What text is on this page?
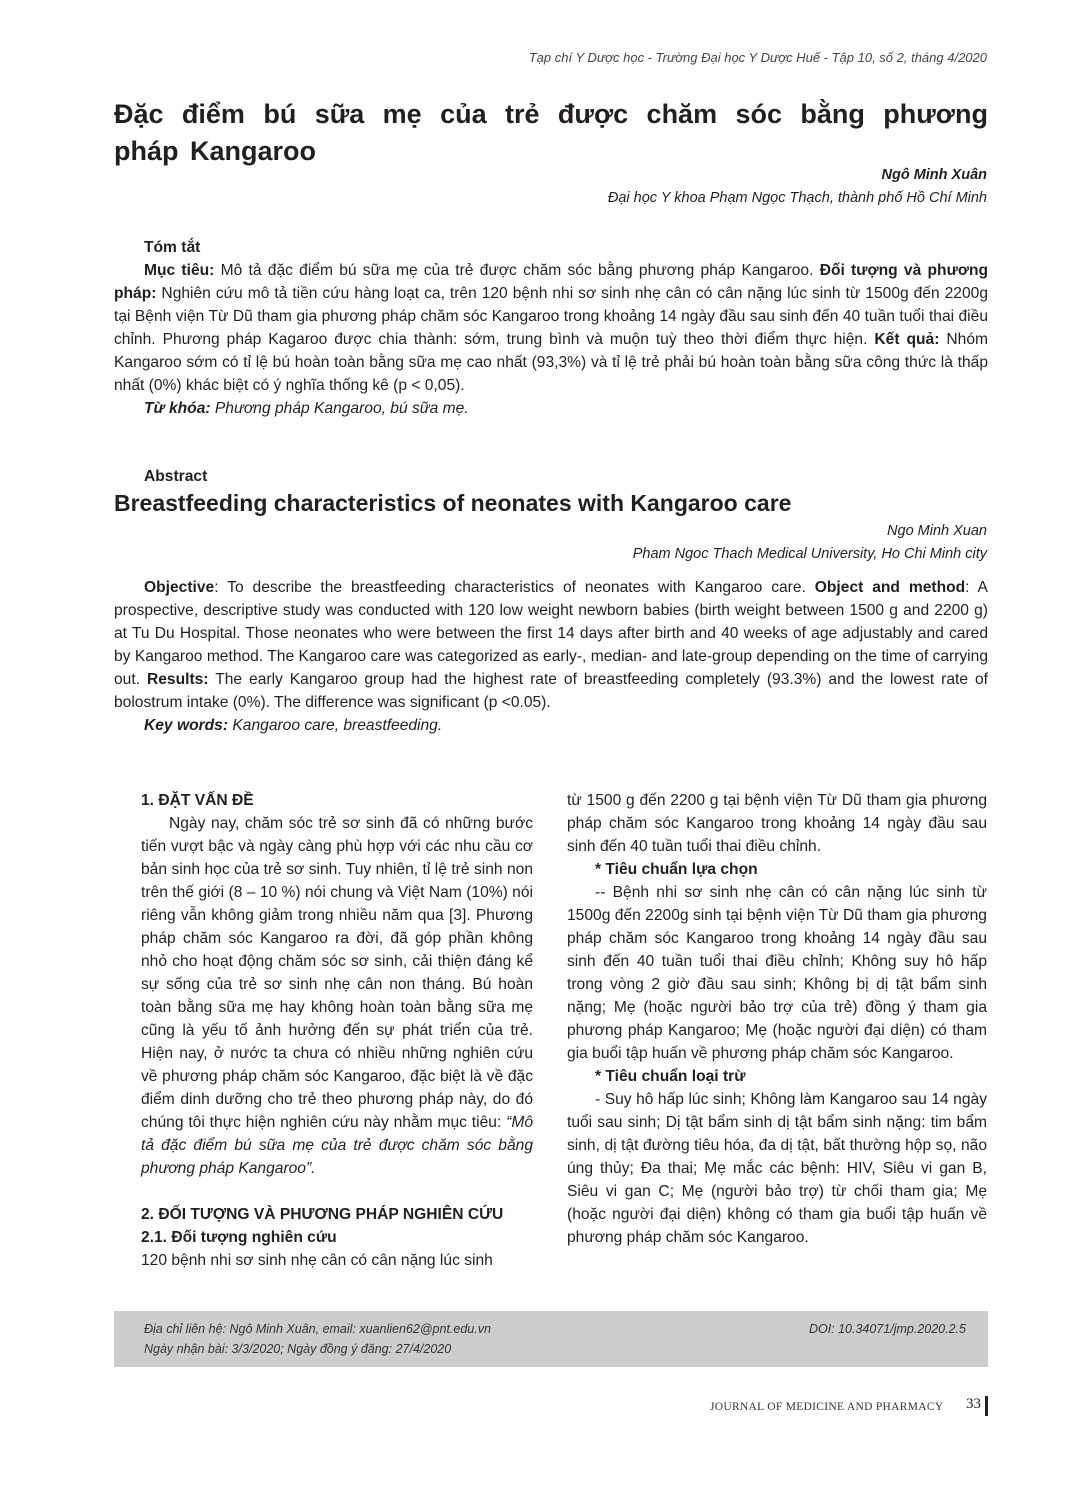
Tạp chí Y Dược học - Trường Đại học Y Dược Huế - Tập 10, số 2, tháng 4/2020
Đặc điểm bú sữa mẹ của trẻ được chăm sóc bằng phương pháp Kangaroo
Ngô Minh Xuân
Đại học Y khoa Phạm Ngọc Thạch, thành phố Hồ Chí Minh

Tóm tắt

Mục tiêu: Mô tả đặc điểm bú sữa mẹ của trẻ được chăm sóc bằng phương pháp Kangaroo. Đối tượng và phương pháp: Nghiên cứu mô tả tiền cứu hàng loạt ca, trên 120 bệnh nhi sơ sinh nhẹ cân có cân nặng lúc sinh từ 1500g đến 2200g tại Bệnh viện Từ Dũ tham gia phương pháp chăm sóc Kangaroo trong khoảng 14 ngày đầu sau sinh đến 40 tuần tuổi thai điều chỉnh. Phương pháp Kagaroo được chia thành: sớm, trung bình và muộn tuỳ theo thời điểm thực hiện. Kết quả: Nhóm Kangaroo sớm có tỉ lệ bú hoàn toàn bằng sữa mẹ cao nhất (93,3%) và tỉ lệ trẻ phải bú hoàn toàn bằng sữa công thức là thấp nhất (0%) khác biệt có ý nghĩa thống kê (p < 0,05).

Từ khóa: Phương pháp Kangaroo, bú sữa mẹ.

Abstract

Breastfeeding characteristics of neonates with Kangaroo care
Ngo Minh Xuan
Pham Ngoc Thach Medical University, Ho Chi Minh city

Objective: To describe the breastfeeding characteristics of neonates with Kangaroo care. Object and method: A prospective, descriptive study was conducted with 120 low weight newborn babies (birth weight between 1500 g and 2200 g) at Tu Du Hospital. Those neonates who were between the first 14 days after birth and 40 weeks of age adjustably and cared by Kangaroo method. The Kangaroo care was categorized as early-, median- and late-group depending on the time of carrying out. Results: The early Kangaroo group had the highest rate of breastfeeding completely (93.3%) and the lowest rate of bolostrum intake (0%). The difference was significant (p <0.05).

Key words: Kangaroo care, breastfeeding.

1. ĐẶT VẤN ĐỀ

Ngày nay, chăm sóc trẻ sơ sinh đã có những bước tiến vượt bậc và ngày càng phù hợp với các nhu cầu cơ bản sinh học của trẻ sơ sinh. Tuy nhiên, tỉ lệ trẻ sinh non trên thế giới (8 – 10 %) nói chung và Việt Nam (10%) nói riêng vẫn không giảm trong nhiều năm qua [3]. Phương pháp chăm sóc Kangaroo ra đời, đã góp phần không nhỏ cho hoạt động chăm sóc sơ sinh, cải thiện đáng kể sự sống của trẻ sơ sinh nhẹ cân non tháng. Bú hoàn toàn bằng sữa mẹ hay không hoàn toàn bằng sữa mẹ cũng là yếu tố ảnh hưởng đến sự phát triển của trẻ. Hiện nay, ở nước ta chưa có nhiều những nghiên cứu về phương pháp chăm sóc Kangaroo, đặc biệt là về đặc điểm dinh dưỡng cho trẻ theo phương pháp này, do đó chúng tôi thực hiện nghiên cứu này nhằm mục tiêu: “Mô tả đặc điểm bú sữa mẹ của trẻ được chăm sóc bằng phương pháp Kangaroo”.

2. ĐỐI TƯỢNG VÀ PHƯƠNG PHÁP NGHIÊN CỨU

2.1. Đối tượng nghiên cứu

120 bệnh nhi sơ sinh nhẹ cân có cân nặng lúc sinh

từ 1500 g đến 2200 g tại bệnh viện Từ Dũ tham gia phương pháp chăm sóc Kangaroo trong khoảng 14 ngày đầu sau sinh đến 40 tuần tuổi thai điều chỉnh.

* Tiêu chuẩn lựa chọn

-- Bệnh nhi sơ sinh nhẹ cân có cân nặng lúc sinh từ 1500g đến 2200g sinh tại bệnh viện Từ Dũ tham gia phương pháp chăm sóc Kangaroo trong khoảng 14 ngày đầu sau sinh đến 40 tuần tuổi thai điều chỉnh; Không suy hô hấp trong vòng 2 giờ đầu sau sinh; Không bị dị tật bẩm sinh nặng; Mẹ (hoặc người bảo trợ của trẻ) đồng ý tham gia phương pháp Kangaroo; Mẹ (hoặc người đại diện) có tham gia buổi tập huấn về phương pháp chăm sóc Kangaroo.

* Tiêu chuẩn loại trừ

- Suy hô hấp lúc sinh; Không làm Kangaroo sau 14 ngày tuổi sau sinh; Dị tật bẩm sinh dị tật bẩm sinh nặng: tim bẩm sinh, dị tật đường tiêu hóa, đa dị tật, bất thường hộp sọ, não úng thủy; Đa thai; Mẹ mắc các bệnh: HIV, Siêu vi gan B, Siêu vi gan C; Mẹ (người bảo trợ) từ chối tham gia; Mẹ (hoặc người đại diện) không có tham gia buổi tập huấn về phương pháp chăm sóc Kangaroo.

Địa chỉ liên hệ: Ngô Minh Xuân, email: xuanlien62@pnt.edu.vn
Ngày nhận bài: 3/3/2020; Ngày đồng ý đăng: 27/4/2020
DOI: 10.34071/jmp.2020.2.5
JOURNAL OF MEDICINE AND PHARMACY 33
